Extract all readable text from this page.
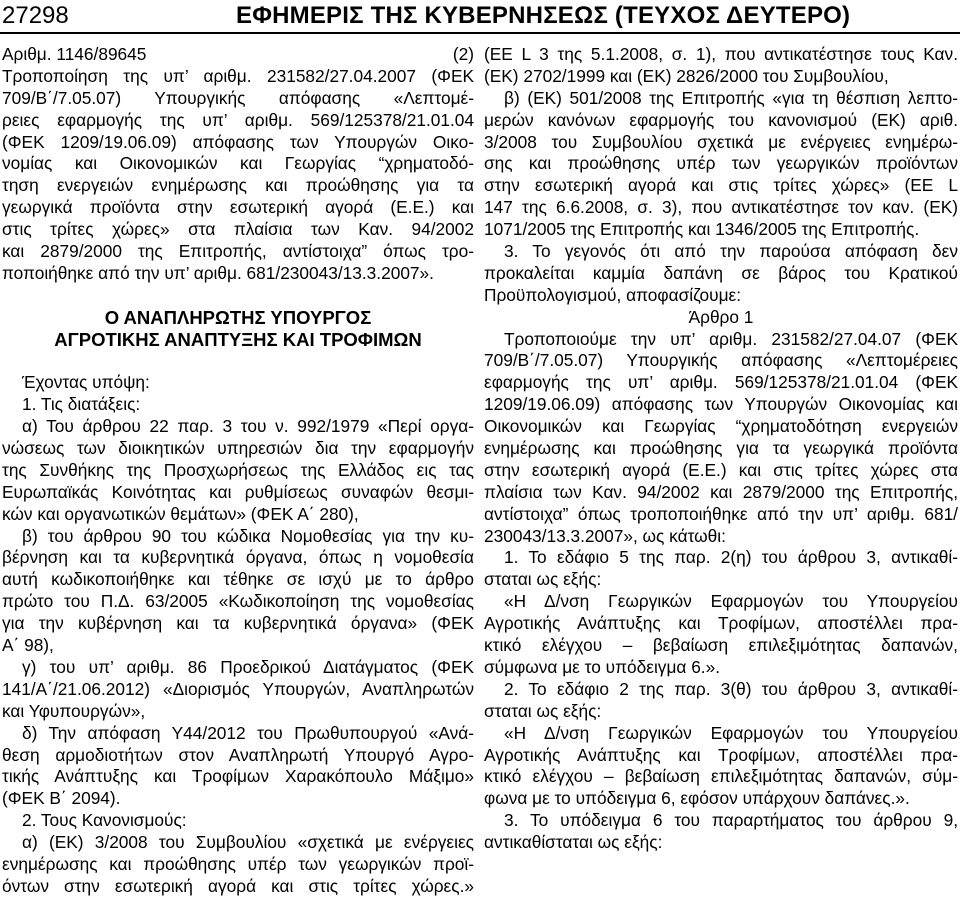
27298	ΕΦΗΜΕΡΙΣ ΤΗΣ ΚΥΒΕΡΝΗΣΕΩΣ (ΤΕΥΧΟΣ ΔΕΥΤΕΡΟ)
Αριθμ. 1146/89645	(2)
Τροποποίηση της υπ’ αριθμ. 231582/27.04.2007 (ΦΕΚ
709/Β΄/7.05.07) Υπουργικής απόφασης «Λεπτομέ-
ρειες εφαρμογής της υπ’ αριθμ. 569/125378/21.01.04
(ΦΕΚ 1209/19.06.09) απόφασης των Υπουργών Οικο-
νομίας και Οικονομικών και Γεωργίας “χρηματοδό-
τηση ενεργειών ενημέρωσης και προώθησης για τα
γεωργικά προϊόντα στην εσωτερική αγορά (Ε.Ε.) και
στις τρίτες χώρες» στα πλαίσια των Καν. 94/2002
και 2879/2000 της Επιτροπής, αντίστοιχα” όπως τρο-
ποποιήθηκε από την υπ’ αριθμ. 681/230043/13.3.2007».
Ο ΑΝΑΠΛΗΡΩΤΗΣ ΥΠΟΥΡΓΟΣ
ΑΓΡΟΤΙΚΗΣ ΑΝΑΠΤΥΞΗΣ ΚΑΙ ΤΡΟΦΙΜΩΝ
Έχοντας υπόψη:
1. Τις διατάξεις:
α) Του άρθρου 22 παρ. 3 του ν. 992/1979 «Περί οργα-
νώσεως των διοικητικών υπηρεσιών δια την εφαρμογήν
της Συνθήκης της Προσχωρήσεως της Ελλάδος εις τας
Ευρωπαϊκάς Κοινότητας και ρυθμίσεως συναφών θεσμι-
κών και οργανωτικών θεμάτων» (ΦΕΚ Α΄ 280),
β) του άρθρου 90 του κώδικα Νομοθεσίας για την κυ-
βέρνηση και τα κυβερνητικά όργανα, όπως η νομοθεσία
αυτή κωδικοποιήθηκε και τέθηκε σε ισχύ με το άρθρο
πρώτο του Π.Δ. 63/2005 «Κωδικοποίηση της νομοθεσίας
για την κυβέρνηση και τα κυβερνητικά όργανα» (ΦΕΚ
Α΄ 98),
γ) του υπ’ αριθμ. 86 Προεδρικού Διατάγματος (ΦΕΚ
141/Α΄/21.06.2012) «Διορισμός Υπουργών, Αναπληρωτών
και Υφυπουργών»,
δ) Την απόφαση Υ44/2012 του Πρωθυπουργού «Ανά-
θεση αρμοδιοτήτων στον Αναπληρωτή Υπουργό Αγρο-
τικής Ανάπτυξης και Τροφίμων Χαρακόπουλο Μάξιμο»
(ΦΕΚ Β΄ 2094).
2. Τους Κανονισμούς:
α) (ΕΚ) 3/2008 του Συμβουλίου «σχετικά με ενέργειες
ενημέρωσης και προώθησης υπέρ των γεωργικών προϊ-
όντων στην εσωτερική αγορά και στις τρίτες χώρες.»
(ΕΕ L 3 της 5.1.2008, σ. 1), που αντικατέστησε τους Καν.
(ΕΚ) 2702/1999 και (ΕΚ) 2826/2000 του Συμβουλίου,
β) (ΕΚ) 501/2008 της Επιτροπής «για τη θέσπιση λεπτο-
μερών κανόνων εφαρμογής του κανονισμού (ΕΚ) αριθ.
3/2008 του Συμβουλίου σχετικά με ενέργειες ενημέρω-
σης και προώθησης υπέρ των γεωργικών προϊόντων
στην εσωτερική αγορά και στις τρίτες χώρες» (ΕΕ L
147 της 6.6.2008, σ. 3), που αντικατέστησε τον καν. (ΕΚ)
1071/2005 της Επιτροπής και 1346/2005 της Επιτροπής.
3. Το γεγονός ότι από την παρούσα απόφαση δεν
προκαλείται καμμία δαπάνη σε βάρος του Κρατικού
Προϋπολογισμού, αποφασίζουμε:
Άρθρο 1
Τροποποιούμε την υπ’ αριθμ. 231582/27.04.07 (ΦΕΚ
709/Β΄/7.05.07) Υπουργικής απόφασης «Λεπτομέρειες
εφαρμογής της υπ’ αριθμ. 569/125378/21.01.04 (ΦΕΚ
1209/19.06.09) απόφασης των Υπουργών Οικονομίας και
Οικονομικών και Γεωργίας “χρηματοδότηση ενεργειών
ενημέρωσης και προώθησης για τα γεωργικά προϊόντα
στην εσωτερική αγορά (Ε.Ε.) και στις τρίτες χώρες στα
πλαίσια των Καν. 94/2002 και 2879/2000 της Επιτροπής,
αντίστοιχα” όπως τροποποιήθηκε από την υπ’ αριθμ. 681/
230043/13.3.2007», ως κάτωθι:
1. Το εδάφιο 5 της παρ. 2(η) του άρθρου 3, αντικαθί-
σταται ως εξής:
«Η Δ/νση Γεωργικών Εφαρμογών του Υπουργείου
Αγροτικής Ανάπτυξης και Τροφίμων, αποστέλλει πρα-
κτικό ελέγχου – βεβαίωση επιλεξιμότητας δαπανών,
σύμφωνα με το υπόδειγμα 6.».
2. Το εδάφιο 2 της παρ. 3(θ) του άρθρου 3, αντικαθί-
σταται ως εξής:
«Η Δ/νση Γεωργικών Εφαρμογών του Υπουργείου
Αγροτικής Ανάπτυξης και Τροφίμων, αποστέλλει πρα-
κτικό ελέγχου – βεβαίωση επιλεξιμότητας δαπανών, σύμ-
φωνα με το υπόδειγμα 6, εφόσον υπάρχουν δαπάνες.».
3. Το υπόδειγμα 6 του παραρτήματος του άρθρου 9,
αντικαθίσταται ως εξής:
